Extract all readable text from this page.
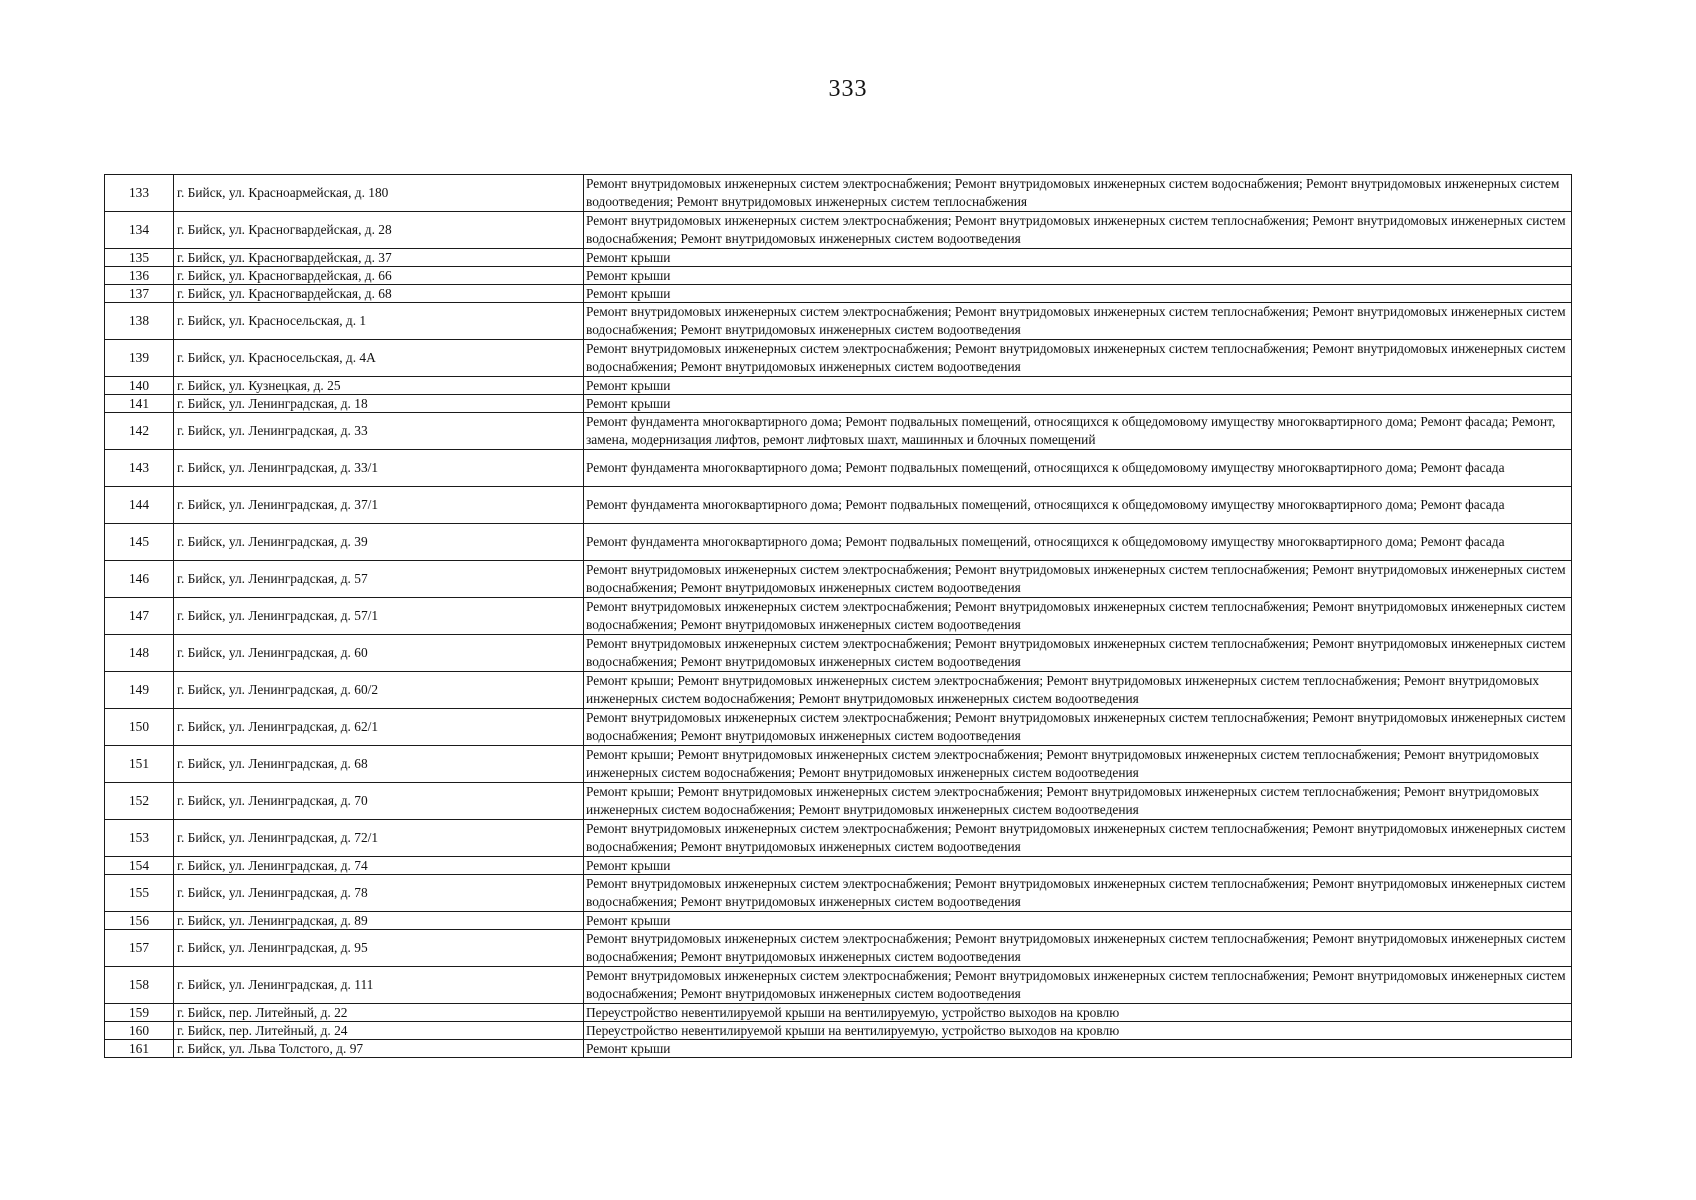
333
133	г. Бийск, ул. Красноармейская, д. 180	Ремонт внутридомовых инженерных систем электроснабжения; Ремонт внутридомовых инженерных систем водоснабжения; Ремонт внутридомовых инженерных систем водоотведения; Ремонт внутридомовых инженерных систем теплоснабжения
134	г. Бийск, ул. Красногвардейская, д. 28	Ремонт внутридомовых инженерных систем электроснабжения; Ремонт внутридомовых инженерных систем теплоснабжения; Ремонт внутридомовых инженерных систем водоснабжения; Ремонт внутридомовых инженерных систем водоотведения
135	г. Бийск, ул. Красногвардейская, д. 37	Ремонт крыши
136	г. Бийск, ул. Красногвардейская, д. 66	Ремонт крыши
137	г. Бийск, ул. Красногвардейская, д. 68	Ремонт крыши
138	г. Бийск, ул. Красносельская, д. 1	Ремонт внутридомовых инженерных систем электроснабжения; Ремонт внутридомовых инженерных систем теплоснабжения; Ремонт внутридомовых инженерных систем водоснабжения; Ремонт внутридомовых инженерных систем водоотведения
139	г. Бийск, ул. Красносельская, д. 4А	Ремонт внутридомовых инженерных систем электроснабжения; Ремонт внутридомовых инженерных систем теплоснабжения; Ремонт внутридомовых инженерных систем водоснабжения; Ремонт внутридомовых инженерных систем водоотведения
140	г. Бийск, ул. Кузнецкая, д. 25	Ремонт крыши
141	г. Бийск, ул. Ленинградская, д. 18	Ремонт крыши
142	г. Бийск, ул. Ленинградская, д. 33	Ремонт фундамента многоквартирного дома; Ремонт подвальных помещений, относящихся к общедомовому имуществу многоквартирного дома; Ремонт фасада; Ремонт, замена, модернизация лифтов, ремонт лифтовых шахт, машинных и блочных помещений
143	г. Бийск, ул. Ленинградская, д. 33/1	Ремонт фундамента многоквартирного дома; Ремонт подвальных помещений, относящихся к общедомовому имуществу многоквартирного дома; Ремонт фасада
144	г. Бийск, ул. Ленинградская, д. 37/1	Ремонт фундамента многоквартирного дома; Ремонт подвальных помещений, относящихся к общедомовому имуществу многоквартирного дома; Ремонт фасада
145	г. Бийск, ул. Ленинградская, д. 39	Ремонт фундамента многоквартирного дома; Ремонт подвальных помещений, относящихся к общедомовому имуществу многоквартирного дома; Ремонт фасада
146	г. Бийск, ул. Ленинградская, д. 57	Ремонт внутридомовых инженерных систем электроснабжения; Ремонт внутридомовых инженерных систем теплоснабжения; Ремонт внутридомовых инженерных систем водоснабжения; Ремонт внутридомовых инженерных систем водоотведения
147	г. Бийск, ул. Ленинградская, д. 57/1	Ремонт внутридомовых инженерных систем электроснабжения; Ремонт внутридомовых инженерных систем теплоснабжения; Ремонт внутридомовых инженерных систем водоснабжения; Ремонт внутридомовых инженерных систем водоотведения
148	г. Бийск, ул. Ленинградская, д. 60	Ремонт внутридомовых инженерных систем электроснабжения; Ремонт внутридомовых инженерных систем теплоснабжения; Ремонт внутридомовых инженерных систем водоснабжения; Ремонт внутридомовых инженерных систем водоотведения
149	г. Бийск, ул. Ленинградская, д. 60/2	Ремонт крыши; Ремонт внутридомовых инженерных систем электроснабжения; Ремонт внутридомовых инженерных систем теплоснабжения; Ремонт внутридомовых инженерных систем водоснабжения; Ремонт внутридомовых инженерных систем водоотведения
150	г. Бийск, ул. Ленинградская, д. 62/1	Ремонт внутридомовых инженерных систем электроснабжения; Ремонт внутридомовых инженерных систем теплоснабжения; Ремонт внутридомовых инженерных систем водоснабжения; Ремонт внутридомовых инженерных систем водоотведения
151	г. Бийск, ул. Ленинградская, д. 68	Ремонт крыши; Ремонт внутридомовых инженерных систем электроснабжения; Ремонт внутридомовых инженерных систем теплоснабжения; Ремонт внутридомовых инженерных систем водоснабжения; Ремонт внутридомовых инженерных систем водоотведения
152	г. Бийск, ул. Ленинградская, д. 70	Ремонт крыши; Ремонт внутридомовых инженерных систем электроснабжения; Ремонт внутридомовых инженерных систем теплоснабжения; Ремонт внутридомовых инженерных систем водоснабжения; Ремонт внутридомовых инженерных систем водоотведения
153	г. Бийск, ул. Ленинградская, д. 72/1	Ремонт внутридомовых инженерных систем электроснабжения; Ремонт внутридомовых инженерных систем теплоснабжения; Ремонт внутридомовых инженерных систем водоснабжения; Ремонт внутридомовых инженерных систем водоотведения
154	г. Бийск, ул. Ленинградская, д. 74	Ремонт крыши
155	г. Бийск, ул. Ленинградская, д. 78	Ремонт внутридомовых инженерных систем электроснабжения; Ремонт внутридомовых инженерных систем теплоснабжения; Ремонт внутридомовых инженерных систем водоснабжения; Ремонт внутридомовых инженерных систем водоотведения
156	г. Бийск, ул. Ленинградская, д. 89	Ремонт крыши
157	г. Бийск, ул. Ленинградская, д. 95	Ремонт внутридомовых инженерных систем электроснабжения; Ремонт внутридомовых инженерных систем теплоснабжения; Ремонт внутридомовых инженерных систем водоснабжения; Ремонт внутридомовых инженерных систем водоотведения
158	г. Бийск, ул. Ленинградская, д. 111	Ремонт внутридомовых инженерных систем электроснабжения; Ремонт внутридомовых инженерных систем теплоснабжения; Ремонт внутридомовых инженерных систем водоснабжения; Ремонт внутридомовых инженерных систем водоотведения
159	г. Бийск, пер. Литейный, д. 22	Переустройство невентилируемой крыши на вентилируемую, устройство выходов на кровлю
160	г. Бийск, пер. Литейный, д. 24	Переустройство невентилируемой крыши на вентилируемую, устройство выходов на кровлю
161	г. Бийск, ул. Льва Толстого, д. 97	Ремонт крыши
